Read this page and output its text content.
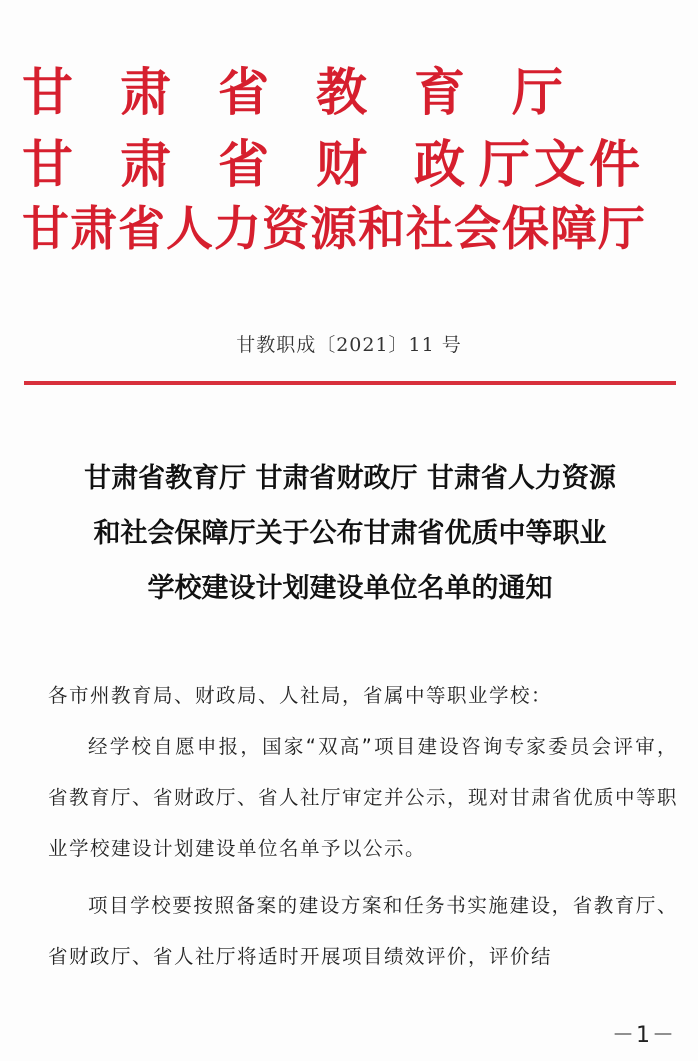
甘肃省教育厅
甘肃省财政
厅文件
甘肃省人力资源和社会保障厅
甘教职成〔2021〕11 号
甘肃省教育厅 甘肃省财政厅 甘肃省人力资源
和社会保障厅关于公布甘肃省优质中等职业
学校建设计划建设单位名单的通知

各市州教育局、财政局、人社局，省属中等职业学校：

经学校自愿申报，国家“双高”项目建设咨询专家委员会评审，省教育厅、省财政厅、省人社厅审定并公示，现对甘肃省优质中等职业学校建设计划建设单位名单予以公示。

项目学校要按照备案的建设方案和任务书实施建设，省教育厅、省财政厅、省人社厅将适时开展项目绩效评价，评价结

－1－
